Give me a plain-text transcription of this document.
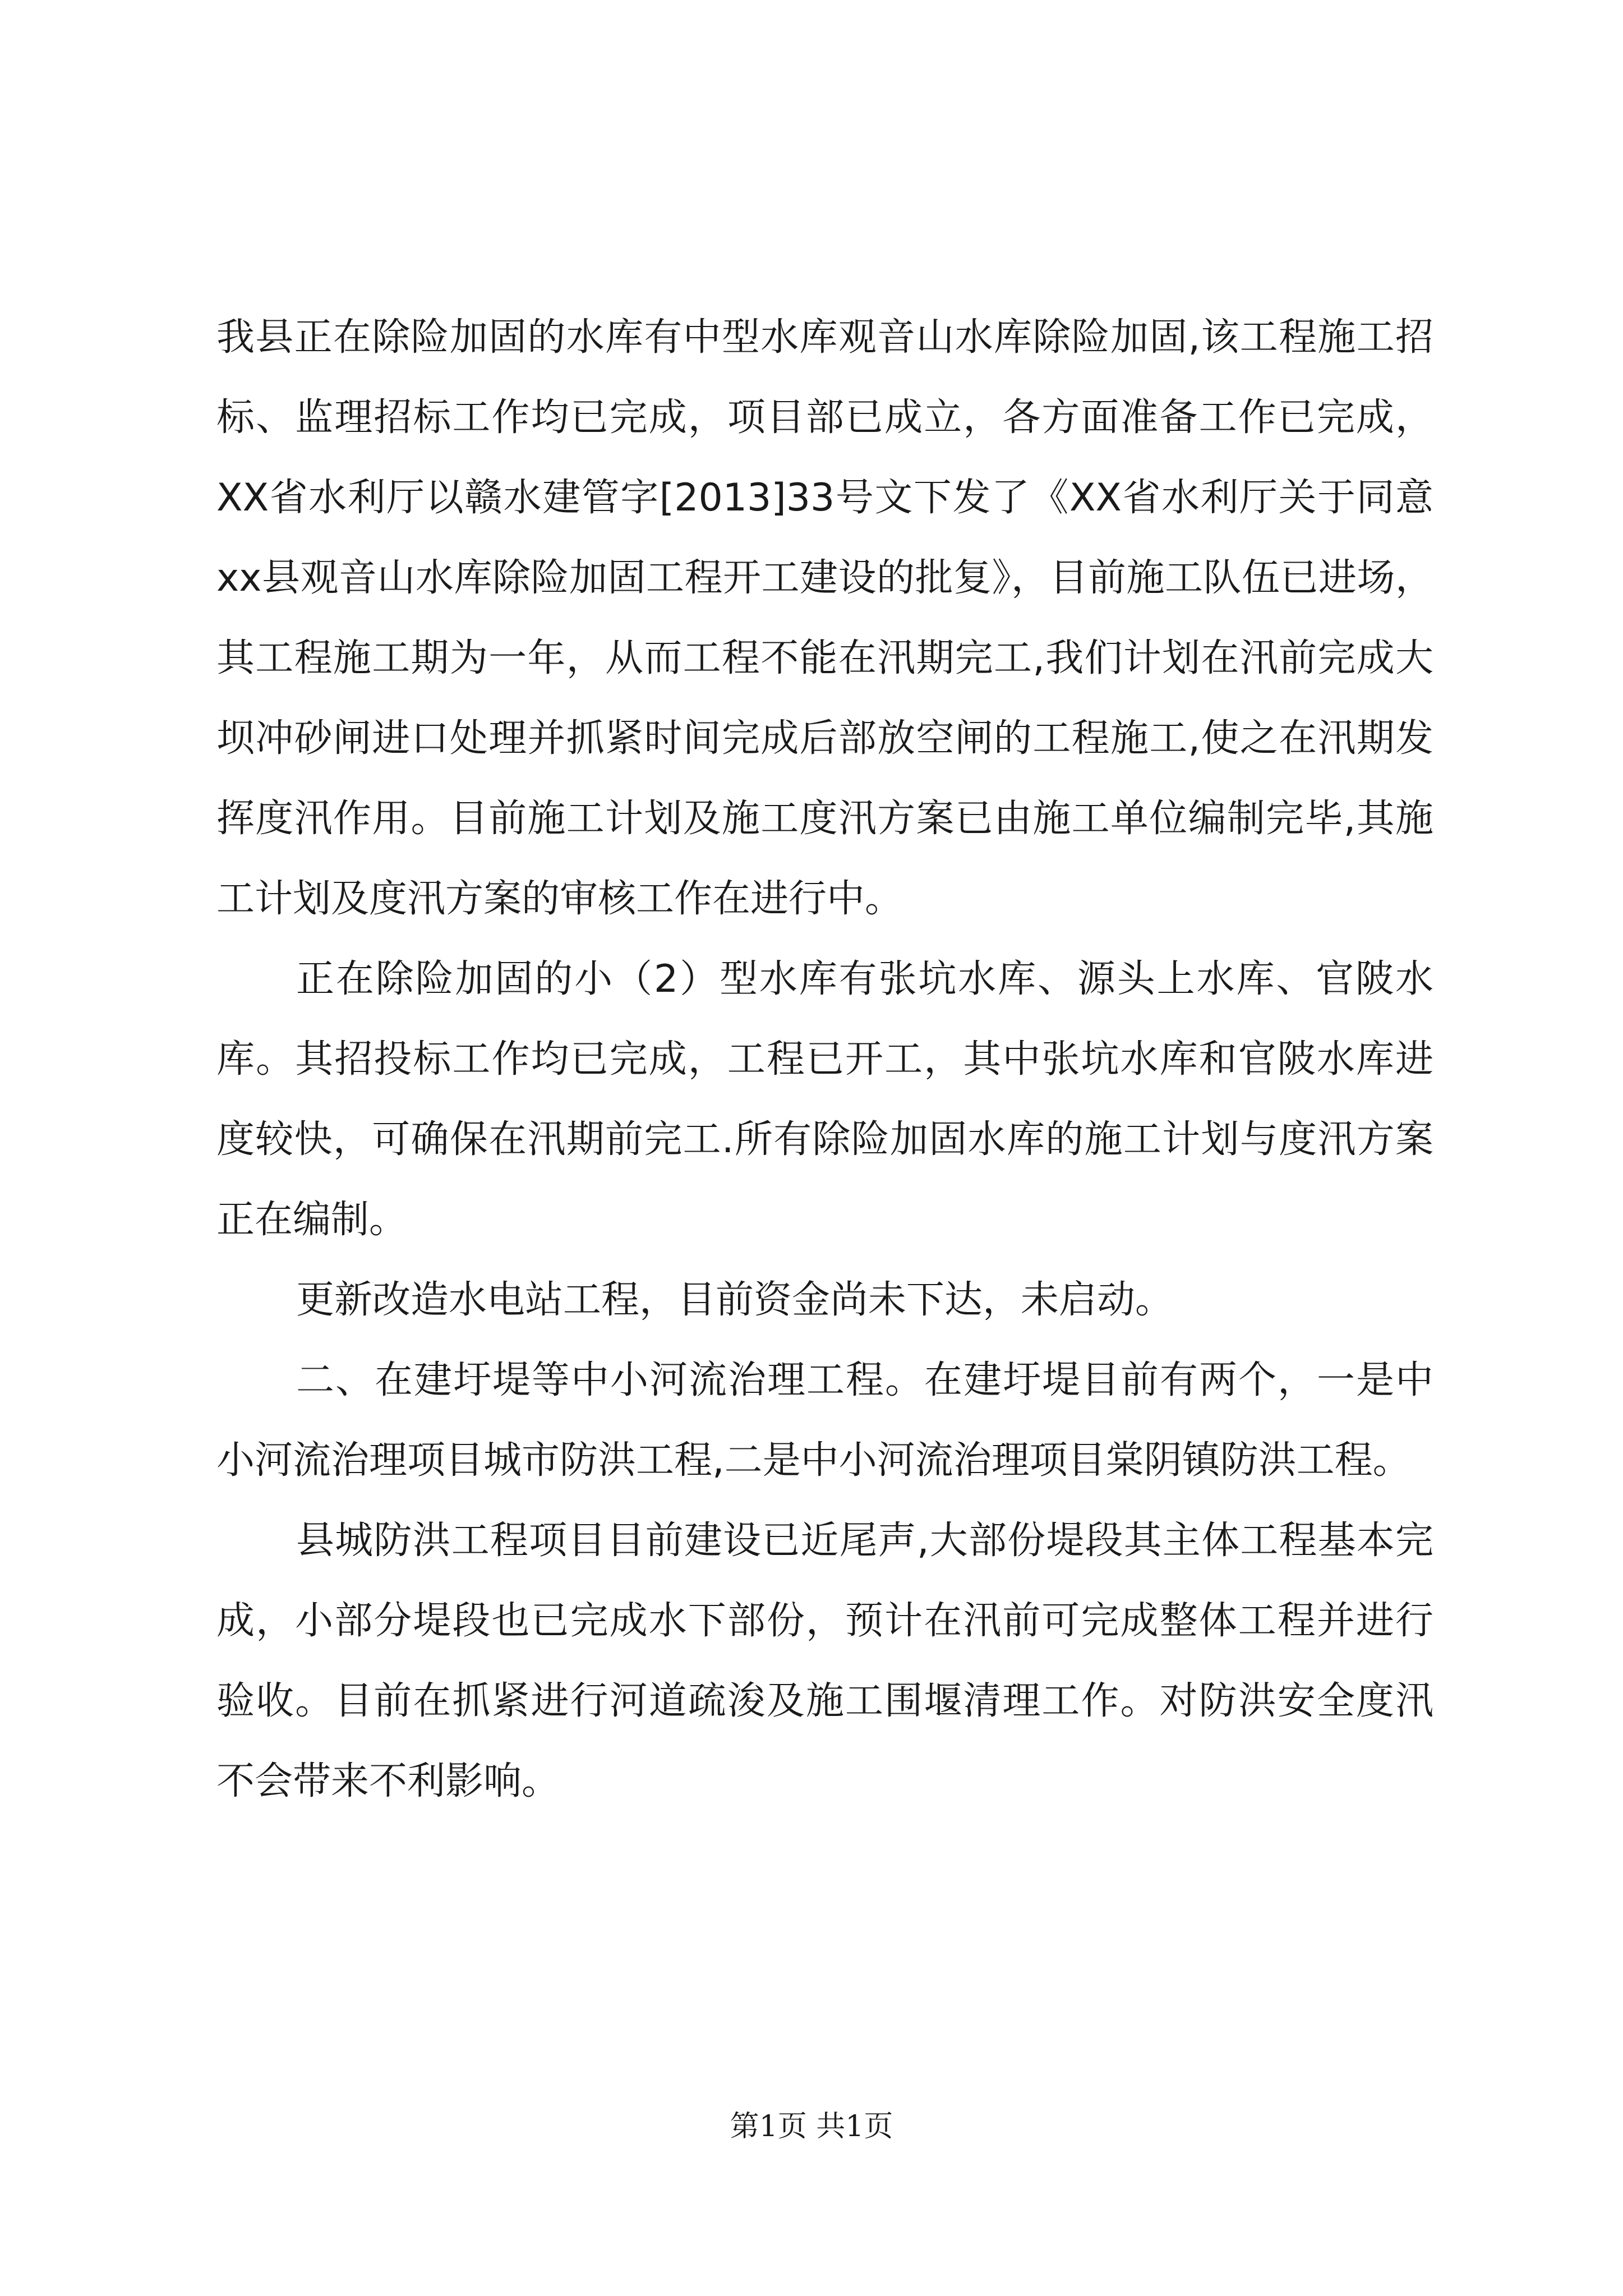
我县正在除险加固的水库有中型水库观音山水库除险加固,该工程施工招标、监理招标工作均已完成，项目部已成立，各方面准备工作已完成，XX省水利厅以赣水建管字[2013]33号文下发了《XX省水利厅关于同意xx县观音山水库除险加固工程开工建设的批复》，目前施工队伍已进场，其工程施工期为一年，从而工程不能在汛期完工,我们计划在汛前完成大坝冲砂闸进口处理并抓紧时间完成后部放空闸的工程施工,使之在汛期发挥度汛作用。目前施工计划及施工度汛方案已由施工单位编制完毕,其施工计划及度汛方案的审核工作在进行中。

正在除险加固的小（2）型水库有张坑水库、源头上水库、官陂水库。其招投标工作均已完成，工程已开工，其中张坑水库和官陂水库进度较快，可确保在汛期前完工.所有除险加固水库的施工计划与度汛方案正在编制。

更新改造水电站工程，目前资金尚未下达，未启动。

二、在建圩堤等中小河流治理工程。在建圩堤目前有两个，一是中小河流治理项目城市防洪工程,二是中小河流治理项目棠阴镇防洪工程。

县城防洪工程项目目前建设已近尾声,大部份堤段其主体工程基本完成，小部分堤段也已完成水下部份，预计在汛前可完成整体工程并进行验收。目前在抓紧进行河道疏浚及施工围堰清理工作。对防洪安全度汛不会带来不利影响。

第1页 共1页
